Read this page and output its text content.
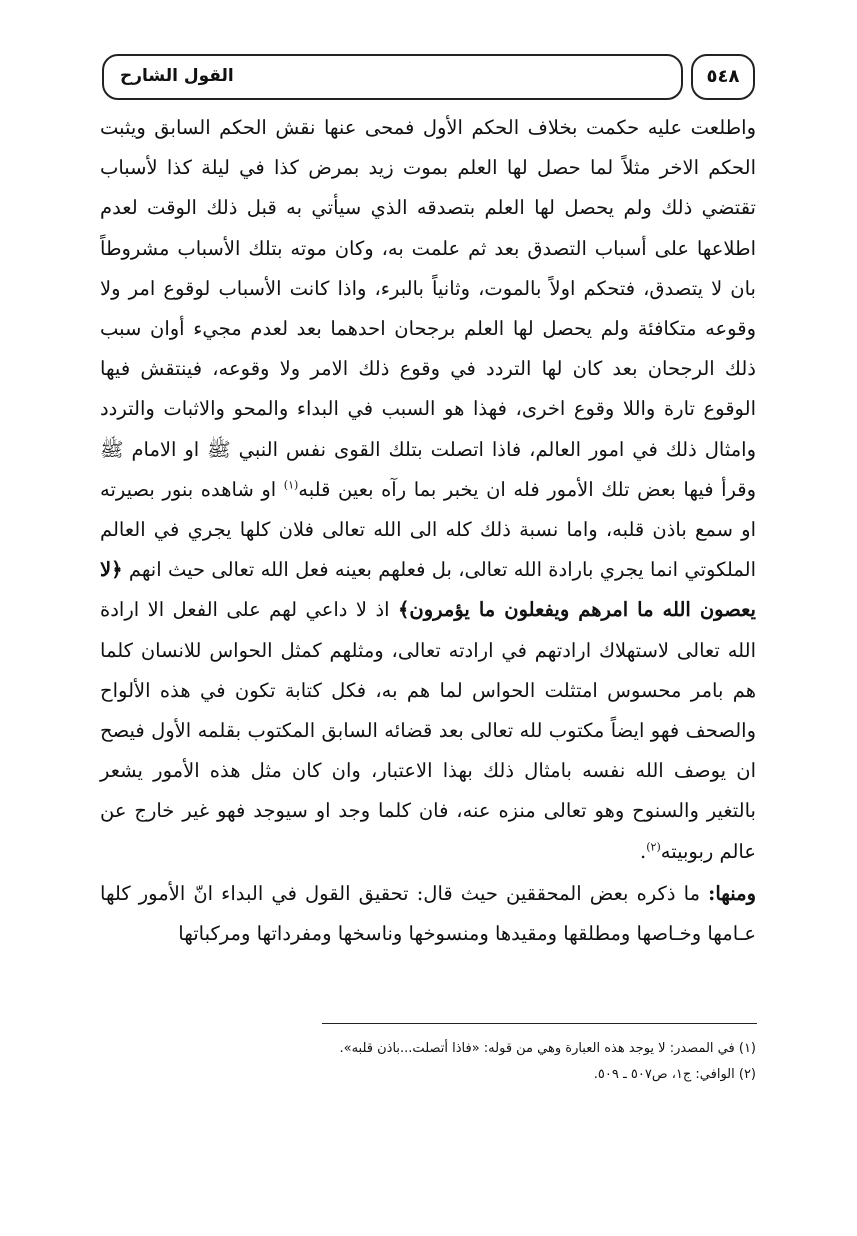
القول الشارح	٥٤٨

واطلعت عليه حكمت بخلاف الحكم الأول فمحى عنها نقش الحكم السابق ويثبت الحكم الاخر مثلاً لما حصل لها العلم بموت زيد بمرض كذا في ليلة كذا لأسباب تقتضي ذلك ولم يحصل لها العلم بتصدقه الذي سيأتي به قبل ذلك الوقت لعدم اطلاعها على أسباب التصدق بعد ثم علمت به، وكان موته بتلك الأسباب مشروطاً بان لا يتصدق، فتحكم اولاً بالموت، وثانياً بالبرء، واذا كانت الأسباب لوقوع امر ولا وقوعه متكافئة ولم يحصل لها العلم برجحان احدهما بعد لعدم مجيء أوان سبب ذلك الرجحان بعد كان لها التردد في وقوع ذلك الامر ولا وقوعه، فينتقش فيها الوقوع تارة واللا وقوع اخرى، فهذا هو السبب في البداء والمحو والاثبات والتردد وامثال ذلك في امور العالم، فاذا اتصلت بتلك القوى نفس النبي ﷺ او الامام ﷺ وقرأ فيها بعض تلك الأمور فله ان يخبر بما رآه بعين قلبه$^{(١)}$ او شاهده بنور بصيرته او سمع باذن قلبه، واما نسبة ذلك كله الى الله تعالى فلان كلها يجري في العالم الملكوتي انما يجري بارادة الله تعالى، بل فعلهم بعينه فعل الله تعالى حيث انهم ﴿لا يعصون الله ما امرهم ويفعلون ما يؤمرون﴾ اذ لا داعي لهم على الفعل الا ارادة الله تعالى لاستهلاك ارادتهم في ارادته تعالى، ومثلهم كمثل الحواس للانسان كلما هم بامر محسوس امتثلت الحواس لما هم به، فكل كتابة تكون في هذه الألواح والصحف فهو ايضاً مكتوب لله تعالى بعد قضائه السابق المكتوب بقلمه الأول فيصح ان يوصف الله نفسه بامثال ذلك بهذا الاعتبار، وان كان مثل هذه الأمور يشعر بالتغير والسنوح وهو تعالى منزه عنه، فان كلما وجد او سيوجد فهو غير خارج عن عالم ربوبيته$^{(٢)}$.

ومنها: ما ذكره بعض المحققين حيث قال: تحقيق القول في البداء انّ الأمور كلها عـامها وخـاصها ومطلقها ومقيدها ومنسوخها وناسخها ومفرداتها ومركباتها

(١) في المصدر: لا يوجد هذه العبارة وهي من قوله: «فاذا أتصلت...باذن قلبه».
(٢) الوافي: ج١، ص٥٠٧ ـ ٥٠٩.
